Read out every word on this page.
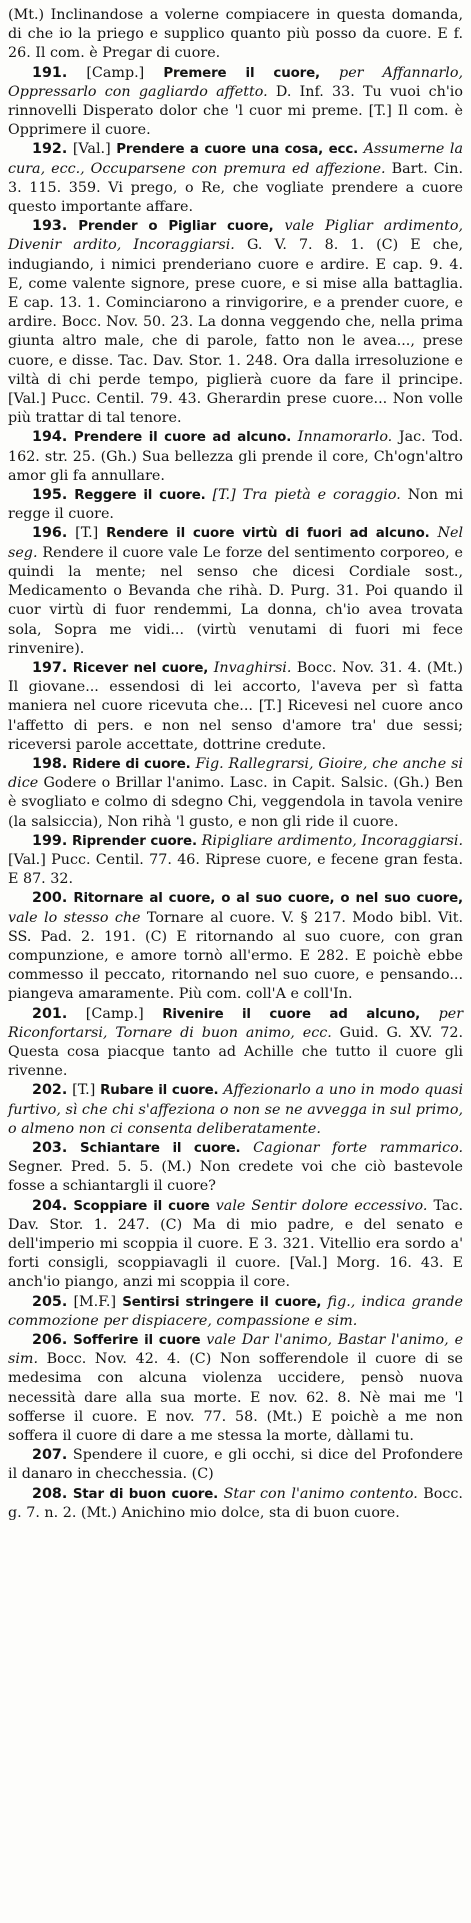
(Mt.) Inclinandose a volerne compiacere in questa domanda, di che io la priego e supplico quanto più posso da cuore. E f. 26. Il com. è Pregar di cuore.

191. [Camp.] Premere il cuore, per Affannarlo, Oppressarlo con gagliardo affetto. D. Inf. 33. Tu vuoi ch'io rinnovelli Disperato dolor che 'l cuor mi preme. [T.] Il com. è Opprimere il cuore.

192. [Val.] Prendere a cuore una cosa, ecc. Assumerne la cura, ecc., Occuparsene con premura ed affezione. Bart. Cin. 3. 115. 359. Vi prego, o Re, che vogliate prendere a cuore questo importante affare.

193. Prender o Pigliar cuore, vale Pigliar ardimento, Divenir ardito, Incoraggiarsi. G. V. 7. 8. 1. (C) E che, indugiando, i nimici prenderiano cuore e ardire. E cap. 9. 4. E, come valente signore, prese cuore, e si mise alla battaglia. E cap. 13. 1. Cominciarono a rinvigorire, e a prender cuore, e ardire. Bocc. Nov. 50. 23. La donna veggendo che, nella prima giunta altro male, che di parole, fatto non le avea..., prese cuore, e disse. Tac. Dav. Stor. 1. 248. Ora dalla irresoluzione e viltà di chi perde tempo, piglierà cuore da fare il principe. [Val.] Pucc. Centil. 79. 43. Gherardin prese cuore... Non volle più trattar di tal tenore.

194. Prendere il cuore ad alcuno. Innamorarlo. Jac. Tod. 162. str. 25. (Gh.) Sua bellezza gli prende il core, Ch'ogn'altro amor gli fa annullare.

195. Reggere il cuore. [T.] Tra pietà e coraggio. Non mi regge il cuore.

196. [T.] Rendere il cuore virtù di fuori ad alcuno. Nel seg. Rendere il cuore vale Le forze del sentimento corporeo, e quindi la mente; nel senso che dicesi Cordiale sost., Medicamento o Bevanda che rihà. D. Purg. 31. Poi quando il cuor virtù di fuor rendemmi, La donna, ch'io avea trovata sola, Sopra me vidi... (virtù venutami di fuori mi fece rinvenire).

197. Ricever nel cuore, Invaghirsi. Bocc. Nov. 31. 4. (Mt.) Il giovane... essendosi di lei accorto, l'aveva per sì fatta maniera nel cuore ricevuta che... [T.] Ricevesi nel cuore anco l'affetto di pers. e non nel senso d'amore tra' due sessi; riceversi parole accettate, dottrine credute.

198. Ridere di cuore. Fig. Rallegrarsi, Gioire, che anche si dice Godere o Brillar l'animo. Lasc. in Capit. Salsic. (Gh.) Ben è svogliato e colmo di sdegno Chi, veggendola in tavola venire (la salsiccia), Non rihà 'l gusto, e non gli ride il cuore.

199. Riprender cuore. Ripigliare ardimento, Incoraggiarsi. [Val.] Pucc. Centil. 77. 46. Riprese cuore, e fecene gran festa. E 87. 32.

200. Ritornare al cuore, o al suo cuore, o nel suo cuore, vale lo stesso che Tornare al cuore. V. § 217. Modo bibl. Vit. SS. Pad. 2. 191. (C) E ritornando al suo cuore, con gran compunzione, e amore tornò all'ermo. E 282. E poichè ebbe commesso il peccato, ritornando nel suo cuore, e pensando... piangeva amaramente. Più com. coll'A e coll'In.

201. [Camp.] Rivenire il cuore ad alcuno, per Riconfortarsi, Tornare di buon animo, ecc. Guid. G. XV. 72. Questa cosa piacque tanto ad Achille che tutto il cuore gli rivenne.

202. [T.] Rubare il cuore. Affezionarlo a uno in modo quasi furtivo, sì che chi s'affeziona o non se ne avvegga in sul primo, o almeno non ci consenta deliberatamente.

203. Schiantare il cuore. Cagionar forte rammarico. Segner. Pred. 5. 5. (M.) Non credete voi che ciò bastevole fosse a schiantargli il cuore?

204. Scoppiare il cuore vale Sentir dolore eccessivo. Tac. Dav. Stor. 1. 247. (C) Ma di mio padre, e del senato e dell'imperio mi scoppia il cuore. E 3. 321. Vitellio era sordo a' forti consigli, scoppiavagli il cuore. [Val.] Morg. 16. 43. E anch'io piango, anzi mi scoppia il core.

205. [M.F.] Sentirsi stringere il cuore, fig., indica grande commozione per dispiacere, compassione e sim.

206. Sofferire il cuore vale Dar l'animo, Bastar l'animo, e sim. Bocc. Nov. 42. 4. (C) Non sofferendole il cuore di se medesima con alcuna violenza uccidere, pensò nuova necessità dare alla sua morte. E nov. 62. 8. Nè mai me 'l sofferse il cuore. E nov. 77. 58. (Mt.) E poichè a me non soffera il cuore di dare a me stessa la morte, dàllami tu.

207. Spendere il cuore, e gli occhi, si dice del Profondere il danaro in checchessia. (C)

208. Star di buon cuore. Star con l'animo contento. Bocc. g. 7. n. 2. (Mt.) Anichino mio dolce, sta di buon cuore.
